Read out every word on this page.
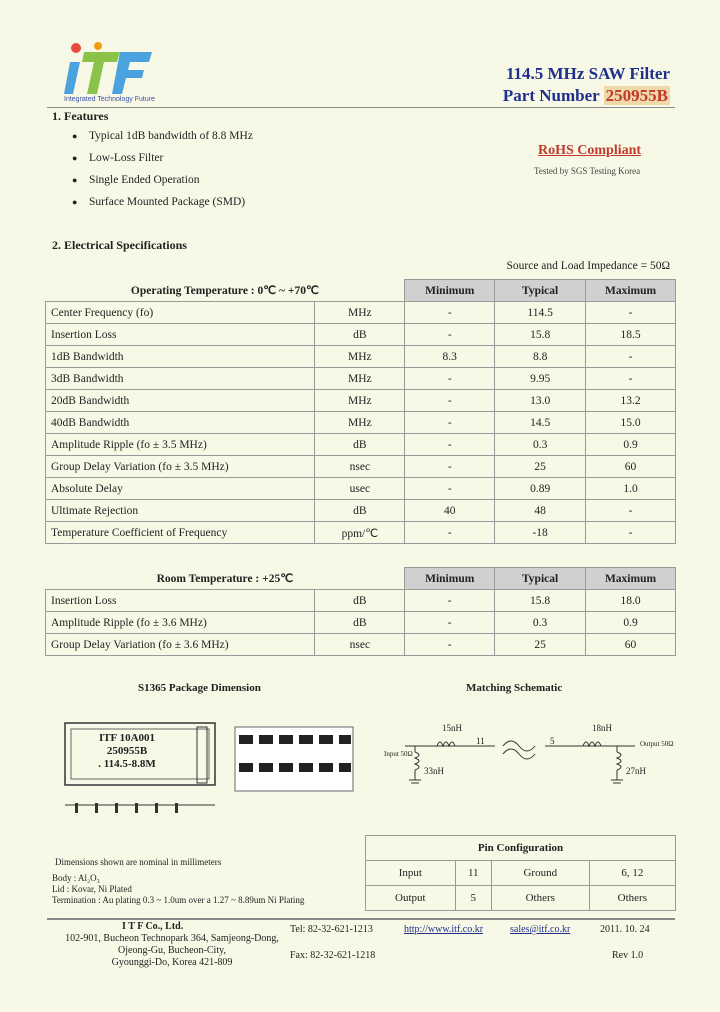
Integrated Technology Future
114.5 MHz SAW Filter
Part Number 250955B
1. Features
● Typical 1dB bandwidth of 8.8 MHz
● Low-Loss Filter
● Single Ended Operation
● Surface Mounted Package (SMD)
RoHS Compliant
Tested by SGS Testing Korea
2. Electrical Specifications
Source and Load Impedance = 50Ω
Operating Temperature : 0℃ ~ +70℃		Minimum	Typical	Maximum
Center Frequency (fo)	MHz	-	114.5	-
Insertion Loss	dB	-	15.8	18.5
1dB Bandwidth	MHz	8.3	8.8	-
3dB Bandwidth	MHz	-	9.95	-
20dB Bandwidth	MHz	-	13.0	13.2
40dB Bandwidth	MHz	-	14.5	15.0
Amplitude Ripple (fo ± 3.5 MHz)	dB	-	0.3	0.9
Group Delay Variation (fo ± 3.5 MHz)	nsec	-	25	60
Absolute Delay	usec	-	0.89	1.0
Ultimate Rejection	dB	40	48	-
Temperature Coefficient of Frequency	ppm/℃	-	-18	-
Room Temperature : +25℃		Minimum	Typical	Maximum
Insertion Loss	dB	-	15.8	18.0
Amplitude Ripple (fo ± 3.6 MHz)	dB	-	0.3	0.9
Group Delay Variation (fo ± 3.6 MHz)	nsec	-	25	60
S1365 Package Dimension
ITF 10A001
250955B
. 114.5-8.8M
Dimensions shown are nominal in millimeters
Body : Al₂O₃
Lid : Kovar, Ni Plated
Termination : Au plating 0.3 ~ 1.0um over a 1.27 ~ 8.89um Ni Plating
Matching Schematic
15nH	18nH
33nH	27nH
11	5
Input 50Ω
Output 50Ω
Pin Configuration			
Input	11	Ground	6, 12
Output	5	Others	Others
I T F Co., Ltd.
102-901, Bucheon Technopark 364, Samjeong-Dong,
Ojeong-Gu, Bucheon-City,
Gyounggi-Do, Korea 421-809
Tel: 82-32-621-1213
Fax: 82-32-621-1218
http://www.itf.co.kr	sales@itf.co.kr	2011. 10. 24
Rev 1.0
